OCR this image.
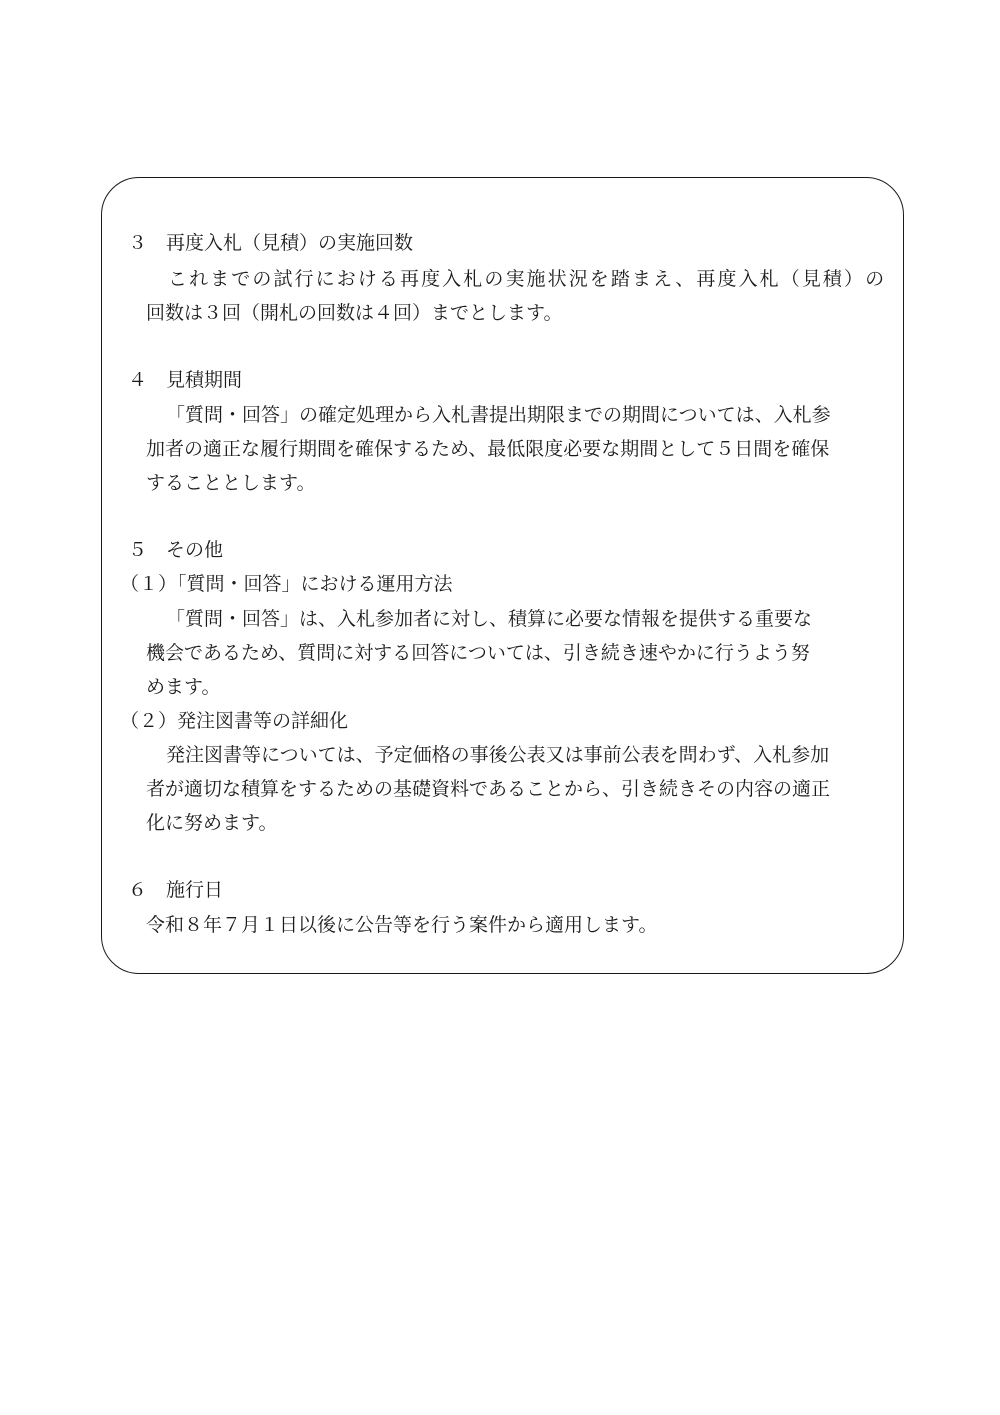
３　再度入札（見積）の実施回数
これまでの試行における再度入札の実施状況を踏まえ、再度入札（見積）の
回数は３回（開札の回数は４回）までとします。
４　見積期間
「質問・回答」の確定処理から入札書提出期限までの期間については、入札参
加者の適正な履行期間を確保するため、最低限度必要な期間として５日間を確保
することとします。
５　その他
（１）「質問・回答」における運用方法
「質問・回答」は、入札参加者に対し、積算に必要な情報を提供する重要な
機会であるため、質問に対する回答については、引き続き速やかに行うよう努
めます。
（２）発注図書等の詳細化
発注図書等については、予定価格の事後公表又は事前公表を問わず、入札参加
者が適切な積算をするための基礎資料であることから、引き続きその内容の適正
化に努めます。
６　施行日
令和８年７月１日以後に公告等を行う案件から適用します。
